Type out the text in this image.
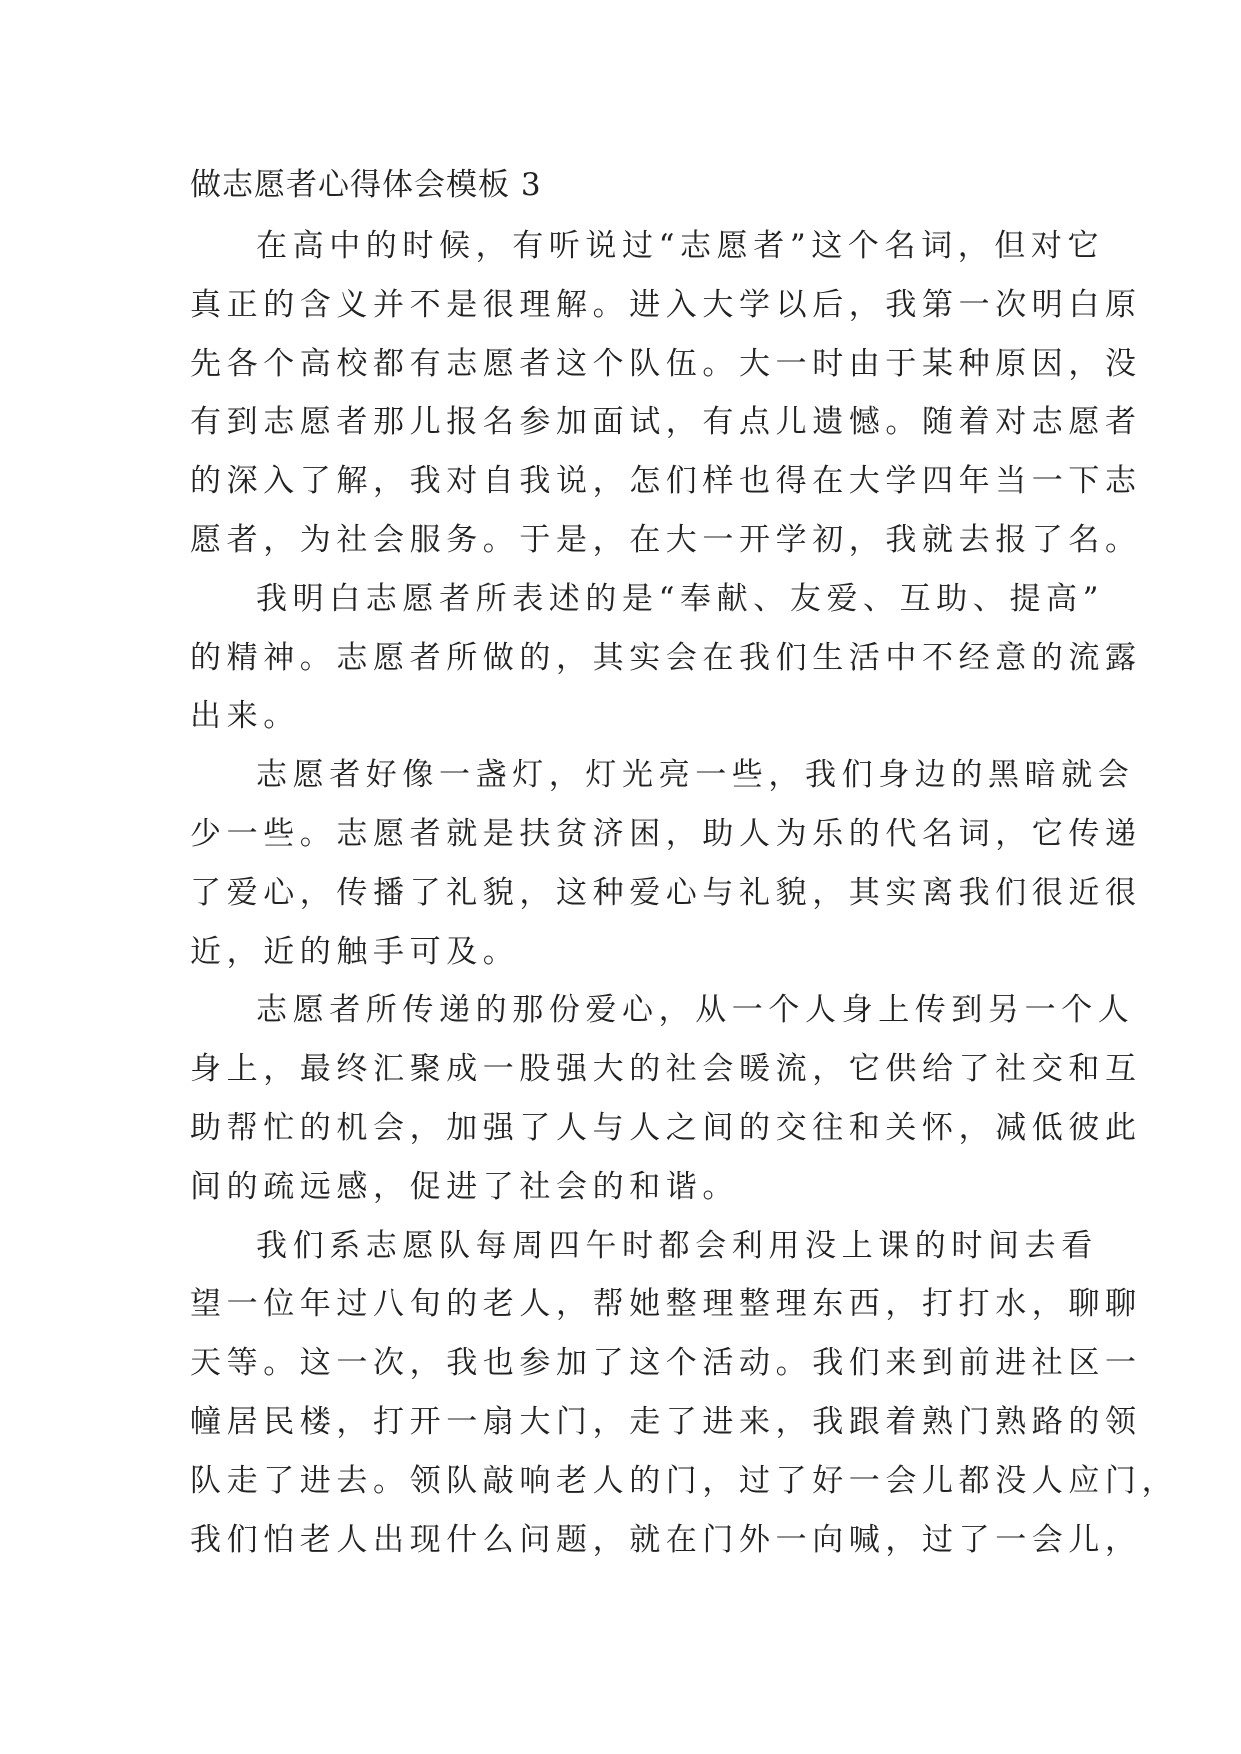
做志愿者心得体会模板 3
在高中的时候，有听说过“志愿者”这个名词，但对它
真正的含义并不是很理解。进入大学以后，我第一次明白原
先各个高校都有志愿者这个队伍。大一时由于某种原因，没
有到志愿者那儿报名参加面试，有点儿遗憾。随着对志愿者
的深入了解，我对自我说，怎们样也得在大学四年当一下志
愿者，为社会服务。于是，在大一开学初，我就去报了名。
我明白志愿者所表述的是“奉献、友爱、互助、提高”
的精神。志愿者所做的，其实会在我们生活中不经意的流露
出来。
志愿者好像一盏灯，灯光亮一些，我们身边的黑暗就会
少一些。志愿者就是扶贫济困，助人为乐的代名词，它传递
了爱心，传播了礼貌，这种爱心与礼貌，其实离我们很近很
近，近的触手可及。
志愿者所传递的那份爱心，从一个人身上传到另一个人
身上，最终汇聚成一股强大的社会暖流，它供给了社交和互
助帮忙的机会，加强了人与人之间的交往和关怀，减低彼此
间的疏远感，促进了社会的和谐。
我们系志愿队每周四午时都会利用没上课的时间去看
望一位年过八旬的老人，帮她整理整理东西，打打水，聊聊
天等。这一次，我也参加了这个活动。我们来到前进社区一
幢居民楼，打开一扇大门，走了进来，我跟着熟门熟路的领
队走了进去。领队敲响老人的门，过了好一会儿都没人应门，
我们怕老人出现什么问题，就在门外一向喊，过了一会儿，
